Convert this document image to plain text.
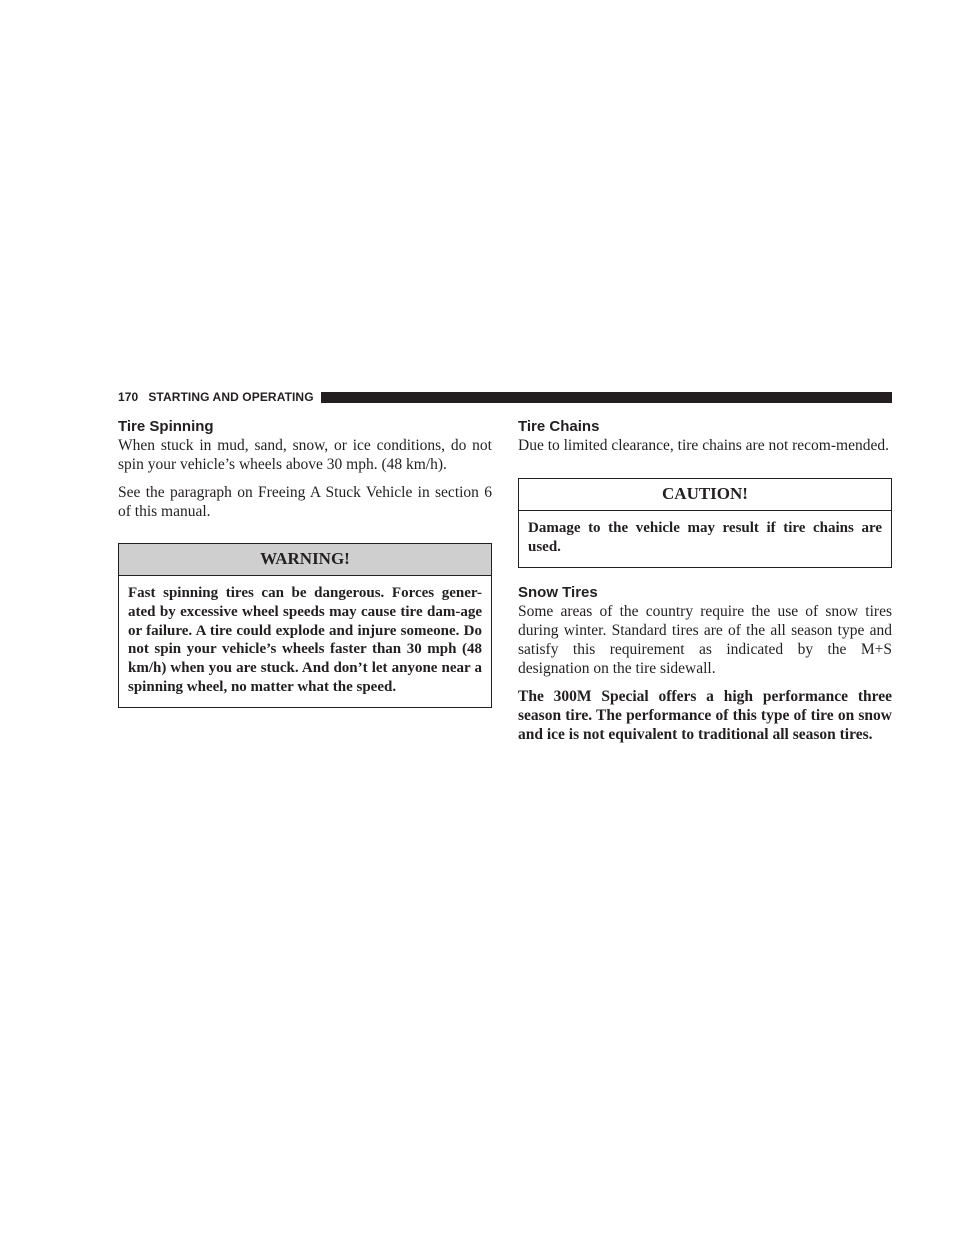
170 STARTING AND OPERATING
Tire Spinning

When stuck in mud, sand, snow, or ice conditions, do not spin your vehicle’s wheels above 30 mph. (48 km/h).

See the paragraph on Freeing A Stuck Vehicle in section 6 of this manual.

WARNING!
Fast spinning tires can be dangerous. Forces gener-ated by excessive wheel speeds may cause tire dam-age or failure. A tire could explode and injure someone. Do not spin your vehicle’s wheels faster than 30 mph (48 km/h) when you are stuck. And don’t let anyone near a spinning wheel, no matter what the speed.
Tire Chains

Due to limited clearance, tire chains are not recom-mended.

CAUTION!
Damage to the vehicle may result if tire chains are used.
Snow Tires

Some areas of the country require the use of snow tires during winter. Standard tires are of the all season type and satisfy this requirement as indicated by the M+S designation on the tire sidewall.

The 300M Special offers a high performance three season tire. The performance of this type of tire on snow and ice is not equivalent to traditional all season tires.
